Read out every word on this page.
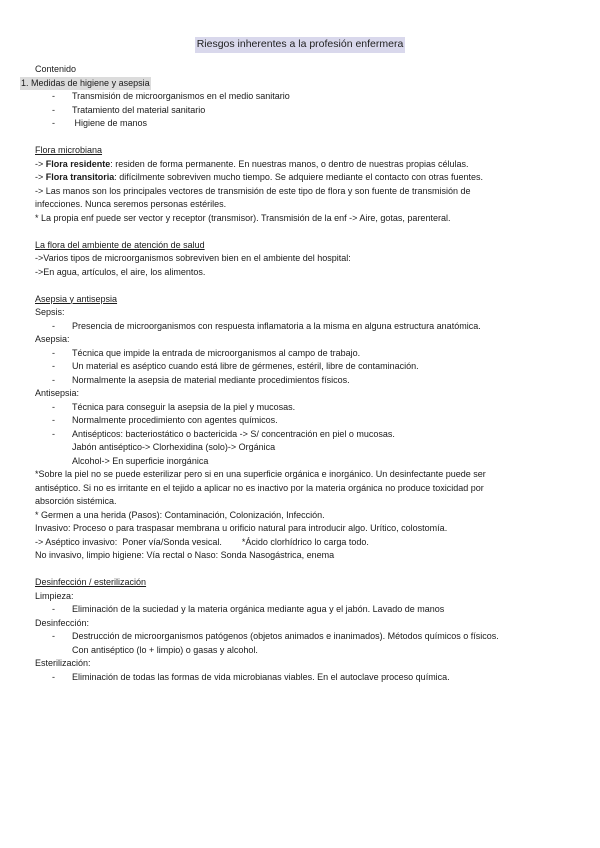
Riesgos inherentes a la profesión enfermera
Contenido
1. Medidas de higiene y asepsia
- Transmisión de microorganismos en el medio sanitario
- Tratamiento del material sanitario
-  Higiene de manos
Flora microbiana
-> Flora residente: residen de forma permanente. En nuestras manos, o dentro de nuestras propias células.
-> Flora transitoria: difícilmente sobreviven mucho tiempo. Se adquiere mediante el contacto con otras fuentes.
-> Las manos son los principales vectores de transmisión de este tipo de flora y son fuente de transmisión de
infecciones. Nunca seremos personas estériles.
* La propia enf puede ser vector y receptor (transmisor). Transmisión de la enf -> Aire, gotas, parenteral.
La flora del ambiente de atención de salud
->Varios tipos de microorganismos sobreviven bien en el ambiente del hospital:
->En agua, artículos, el aire, los alimentos.
Asepsia y antisepsia
Sepsis:
- Presencia de microorganismos con respuesta inflamatoria a la misma en alguna estructura anatómica.
Asepsia:
- Técnica que impide la entrada de microorganismos al campo de trabajo.
- Un material es aséptico cuando está libre de gérmenes, estéril, libre de contaminación.
- Normalmente la asepsia de material mediante procedimientos físicos.
Antisepsia:
- Técnica para conseguir la asepsia de la piel y mucosas.
- Normalmente procedimiento con agentes químicos.
- Antisépticos: bacteriostático o bactericida -> S/ concentración en piel o mucosas.
Jabón antiséptico-> Clorhexidina (solo)-> Orgánica
Alcohol-> En superficie inorgánica
*Sobre la piel no se puede esterilizar pero si en una superficie orgánica e inorgánico. Un desinfectante puede ser
antiséptico. Si no es irritante en el tejido a aplicar no es inactivo por la materia orgánica no produce toxicidad por
absorción sistémica.
* Germen a una herida (Pasos): Contaminación, Colonización, Infección.
Invasivo: Proceso o para traspasar membrana u orificio natural para introducir algo. Urítico, colostomía.
-> Aséptico invasivo:  Poner vía/Sonda vesical.        *Ácido clorhídrico lo carga todo.
No invasivo, limpio higiene: Vía rectal o Naso: Sonda Nasogástrica, enema
Desinfección / esterilización
Limpieza:
- Eliminación de la suciedad y la materia orgánica mediante agua y el jabón. Lavado de manos
Desinfección:
- Destrucción de microorganismos patógenos (objetos animados e inanimados). Métodos químicos o físicos.
Con antiséptico (lo + limpio) o gasas y alcohol.
Esterilización:
- Eliminación de todas las formas de vida microbianas viables. En el autoclave proceso química.
